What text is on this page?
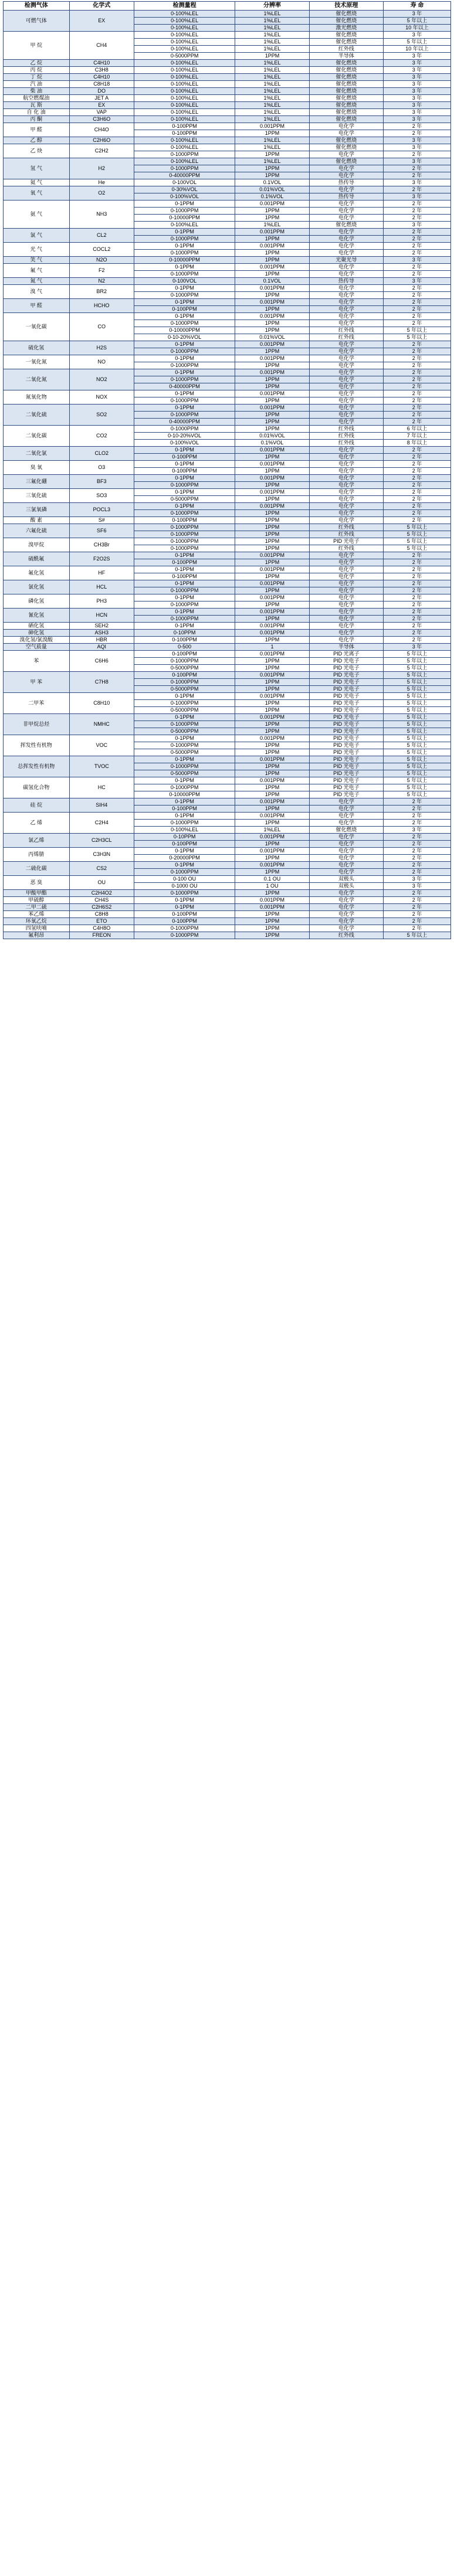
检测气体	化学式	检测量程	分辨率	技术原理	寿 命
可燃气体	EX	0-100%LEL	1%LEL	催化燃烧	3 年
		0-100%LEL	1%LEL	催化燃烧	5 年以上
		0-100%LEL	1%LEL	激光燃烧	10 年以上
甲 烷	CH4	0-100%LEL	1%LEL	催化燃烧	3 年
		0-100%LEL	1%LEL	催化燃烧	5 年以上
		0-100%LEL	1%LEL	红外线	10 年以上
		0-5000PPM	1PPM	半导体	3 年
乙 烷	C4H10	0-100%LEL	1%LEL	催化燃烧	3 年
丙 烷	C3H8	0-100%LEL	1%LEL	催化燃烧	3 年
丁 烷	C4H10	0-100%LEL	1%LEL	催化燃烧	3 年
汽 油	C8H18	0-100%LEL	1%LEL	催化燃烧	3 年
柴 油	DO	0-100%LEL	1%LEL	催化燃烧	3 年
航空燃煤油	JET A	0-100%LEL	1%LEL	催化燃烧	3 年
瓦 斯	EX	0-100%LEL	1%LEL	催化燃烧	3 年
自 化 油	VAP	0-100%LEL	1%LEL	催化燃烧	3 年
丙 酮	C3H6O	0-100%LEL	1%LEL	催化燃烧	3 年
甲 醛	CH4O	0-100PPM	0.001PPM	电化学	2 年
		0-100PPM	1PPM	电化学	2 年
乙 醇	C2H6O	0-100%LEL	1%LEL	催化燃烧	3 年
乙 炔	C2H2	0-100%LEL	1%LEL	催化燃烧	3 年
		0-1000PPM	1PPM	电化学	2 年
氢 气	H2	0-100%LEL	1%LEL	催化燃烧	3 年
		0-1000PPM	1PPM	电化学	2 年
		0-40000PPM	1PPM	电化学	2 年
氦 气	He	0-100VOL	0.1VOL	热传导	3 年
氧 气	O2	0-30%VOL	0.01%VOL	电化学	2 年
		0-100%VOL	0.1%VOL	热传导	3 年
氨 气	NH3	0-1PPM	0.001PPM	电化学	2 年
		0-1000PPM	1PPM	电化学	2 年
		0-10000PPM	1PPM	电化学	2 年
		0-100%LEL	1%LEL	催化燃烧	3 年
氯 气	CL2	0-1PPM	0.001PPM	电化学	2 年
		0-1000PPM	1PPM	电化学	2 年
光 气	COCL2	0-1PPM	0.001PPM	电化学	2 年
		0-1000PPM	1PPM	电化学	2 年
笑 气	N2O	0-10000PPM	1PPM	光聚光导	3 年
氟 气	F2	0-1PPM	0.001PPM	电化学	2 年
		0-1000PPM	1PPM	电化学	2 年
氮 气	N2	0-100VOL	0.1VOL	热传导	3 年
溴 气	BR2	0-1PPM	0.001PPM	电化学	2 年
		0-1000PPM	1PPM	电化学	2 年
甲 醛	HCHO	0-1PPM	0.001PPM	电化学	2 年
		0-100PPM	1PPM	电化学	2 年
一氧化碳	CO	0-1PPM	0.001PPM	电化学	2 年
		0-1000PPM	1PPM	电化学	2 年
		0-10000PPM	1PPM	红外线	5 年以上
		0-10-20%VOL	0.01%VOL	红外线	5 年以上
硫化氢	H2S	0-1PPM	0.001PPM	电化学	2 年
		0-1000PPM	1PPM	电化学	2 年
一氧化氮	NO	0-1PPM	0.001PPM	电化学	2 年
		0-1000PPM	1PPM	电化学	2 年
二氧化氮	NO2	0-1PPM	0.001PPM	电化学	2 年
		0-1000PPM	1PPM	电化学	2 年
		0-40000PPM	1PPM	电化学	2 年
氮氧化物	NOX	0-1PPM	0.001PPM	电化学	2 年
		0-1000PPM	1PPM	电化学	2 年
二氧化硫	SO2	0-1PPM	0.001PPM	电化学	2 年
		0-1000PPM	1PPM	电化学	2 年
		0-40000PPM	1PPM	电化学	2 年
二氧化碳	CO2	0-1000PPM	1PPM	红外线	6 年以上
		0-10-20%VOL	0.01%VOL	红外线	7 年以上
		0-100%VOL	0.1%VOL	红外线	8 年以上
二氧化氯	CLO2	0-1PPM	0.001PPM	电化学	2 年
		0-100PPM	1PPM	电化学	2 年
臭 氧	O3	0-1PPM	0.001PPM	电化学	2 年
		0-100PPM	1PPM	电化学	2 年
三氟化硼	BF3	0-1PPM	0.001PPM	电化学	2 年
		0-1000PPM	1PPM	电化学	2 年
三氧化硫	SO3	0-1PPM	0.001PPM	电化学	2 年
		0-5000PPM	1PPM	电化学	2 年
三氯氧磷	POCL3	0-1PPM	0.001PPM	电化学	2 年
		0-1000PPM	1PPM	电化学	2 年
酸 素	S#	0-100PPM	1PPM	电化学	2 年
六氟化硫	SF6	0-1000PPM	1PPM	红外线	5 年以上
		0-1000PPM	1PPM	红外线	5 年以上
溴甲烷	CH3Br	0-1000PPM	1PPM	PID 光电子	5 年以上
		0-1000PPM	1PPM	红外线	5 年以上
硫酰氟	F2O2S	0-1PPM	0.001PPM	电化学	2 年
		0-100PPM	1PPM	电化学	2 年
氟化氢	HF	0-1PPM	0.001PPM	电化学	2 年
		0-100PPM	1PPM	电化学	2 年
氯化氢	HCL	0-1PPM	0.001PPM	电化学	2 年
		0-1000PPM	1PPM	电化学	2 年
磷化氢	PH3	0-1PPM	0.001PPM	电化学	2 年
		0-1000PPM	1PPM	电化学	2 年
氰化氢	HCN	0-1PPM	0.001PPM	电化学	2 年
		0-1000PPM	1PPM	电化学	2 年
硒化氢	SEH2	0-1PPM	0.001PPM	电化学	2 年
砷化氢	ASH3	0-10PPM	0.001PPM	电化学	2 年
溴化氢/氯溴酸	HBR	0-100PPM	1PPM	电化学	2 年
空气质量	AQI	0-500	1	半导体	3 年
苯	C6H6	0-100PPM	0.001PPM	PID 光离子	5 年以上
		0-1000PPM	1PPM	PID 光电子	5 年以上
		0-5000PPM	1PPM	PID 光电子	5 年以上
甲 苯	C7H8	0-100PPM	0.001PPM	PID 光电子	5 年以上
		0-1000PPM	1PPM	PID 光电子	5 年以上
		0-5000PPM	1PPM	PID 光电子	5 年以上
二甲苯	C8H10	0-1PPM	0.001PPM	PID 光电子	5 年以上
		0-1000PPM	1PPM	PID 光电子	5 年以上
		0-5000PPM	1PPM	PID 光电子	5 年以上
非甲烷总烃	NMHC	0-1PPM	0.001PPM	PID 光电子	5 年以上
		0-1000PPM	1PPM	PID 光电子	5 年以上
		0-5000PPM	1PPM	PID 光电子	5 年以上
挥发性有机物	VOC	0-1PPM	0.001PPM	PID 光电子	5 年以上
		0-1000PPM	1PPM	PID 光电子	5 年以上
		0-5000PPM	1PPM	PID 光电子	5 年以上
总挥发性有机物	TVOC	0-1PPM	0.001PPM	PID 光电子	5 年以上
		0-1000PPM	1PPM	PID 光电子	5 年以上
		0-5000PPM	1PPM	PID 光电子	5 年以上
碳氢化合物	HC	0-1PPM	0.001PPM	PID 光电子	5 年以上
		0-1000PPM	1PPM	PID 光电子	5 年以上
		0-10000PPM	1PPM	PID 光电子	5 年以上
硅 烷	SIH4	0-1PPM	0.001PPM	电化学	2 年
		0-100PPM	1PPM	电化学	2 年
乙 烯	C2H4	0-1PPM	0.001PPM	电化学	2 年
		0-1000PPM	1PPM	电化学	2 年
		0-100%LEL	1%LEL	催化燃烧	3 年
氯乙烯	C2H3CL	0-10PPM	0.001PPM	电化学	2 年
		0-100PPM	1PPM	电化学	2 年
丙烯腈	C3H3N	0-1PPM	0.001PPM	电化学	2 年
		0-20000PPM	1PPM	电化学	2 年
二硫化碳	CS2	0-1PPM	0.001PPM	电化学	2 年
		0-1000PPM	1PPM	电化学	2 年
恶 臭	OU	0-100 OU	0.1 OU	双极头	3 年
		0-1000 OU	1 OU	双极头	3 年
甲酸甲酯	C2H4O2	0-1000PPM	1PPM	电化学	2 年
甲硫醇	CH4S	0-1PPM	0.001PPM	电化学	2 年
二甲二硫	C2H6S2	0-1PPM	0.001PPM	电化学	2 年
苯乙烯	C8H8	0-100PPM	1PPM	电化学	2 年
环氧乙烷	ETO	0-100PPM	1PPM	电化学	2 年
四氢呋喃	C4H8O	0-1000PPM	1PPM	电化学	2 年
氟利昂	FREON	0-1000PPM	1PPM	红外线	5 年以上
